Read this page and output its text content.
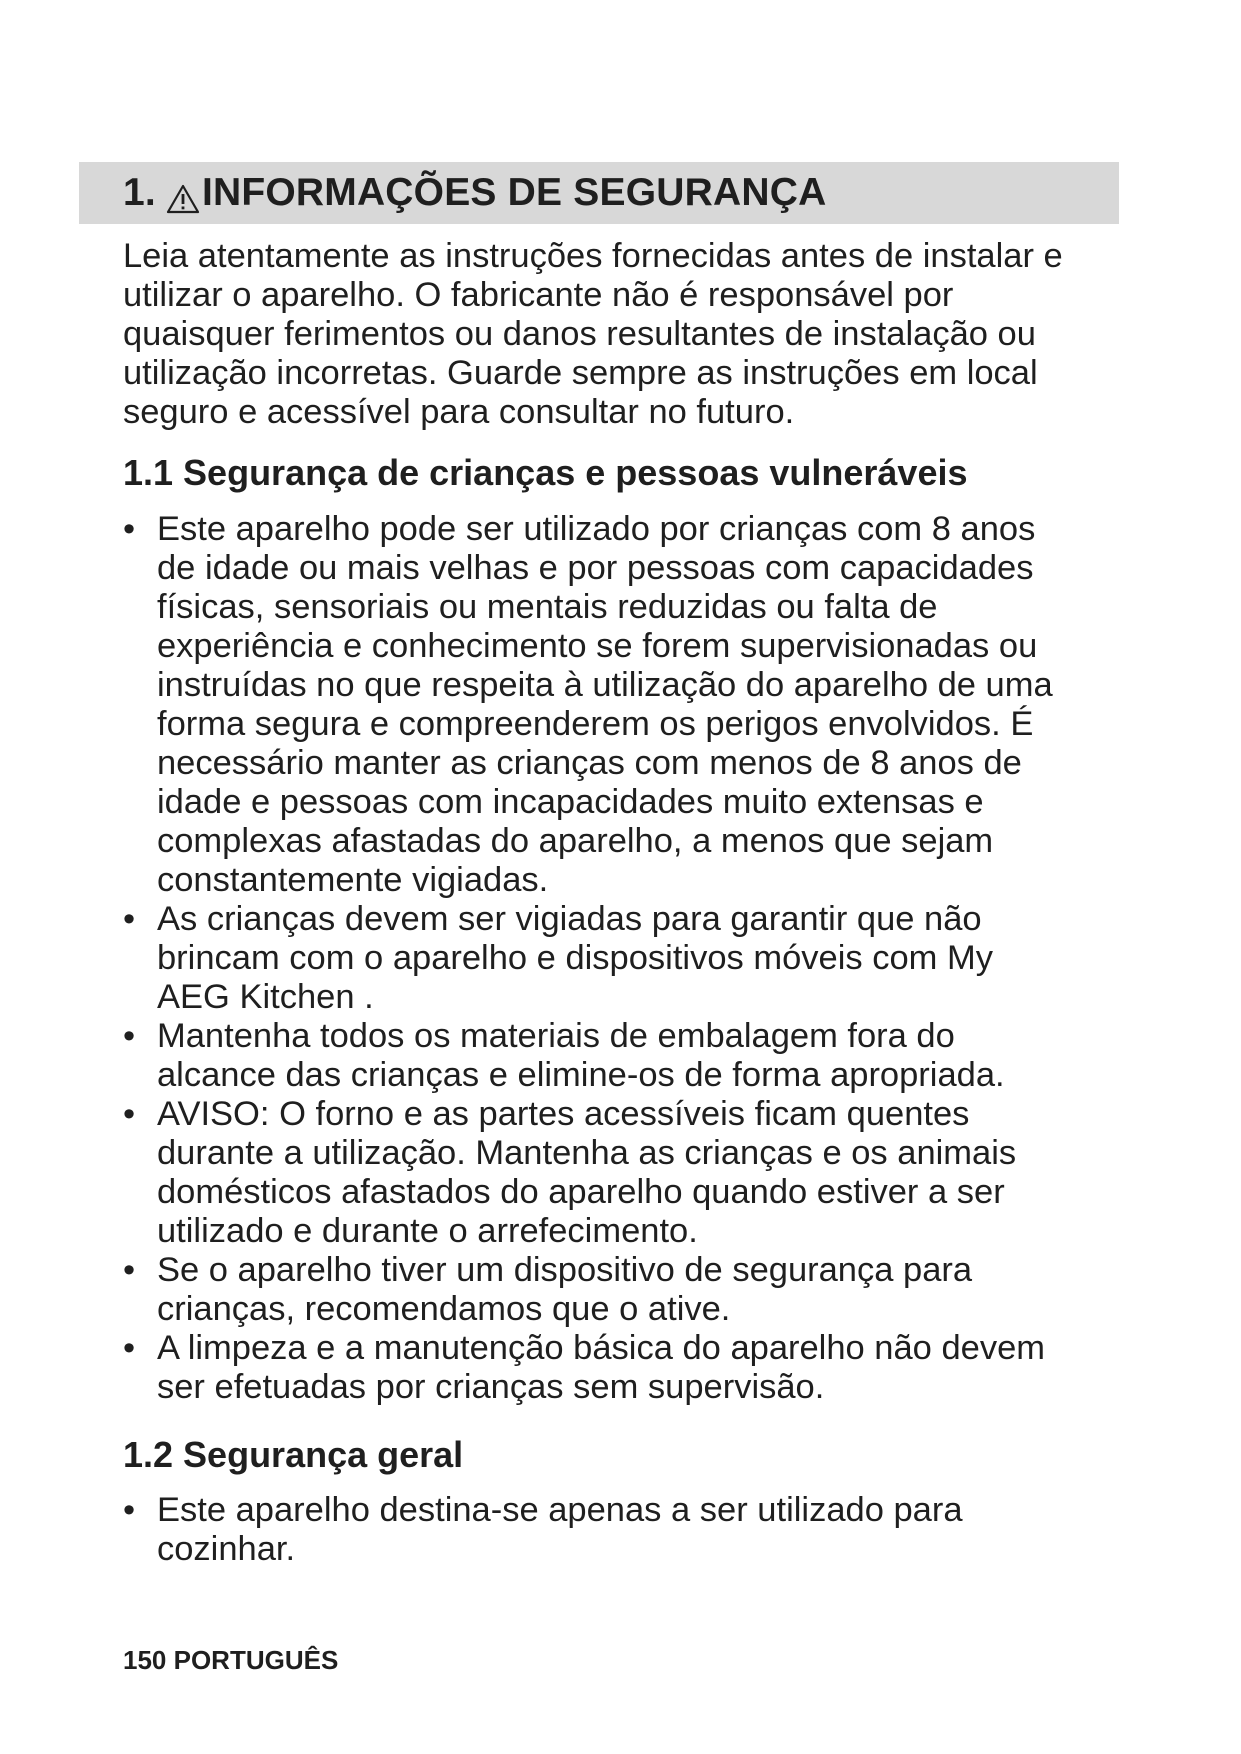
1. INFORMAÇÕES DE SEGURANÇA

Leia atentamente as instruções fornecidas antes de instalar e
utilizar o aparelho. O fabricante não é responsável por
quaisquer ferimentos ou danos resultantes de instalação ou
utilização incorretas. Guarde sempre as instruções em local
seguro e acessível para consultar no futuro.

1.1 Segurança de crianças e pessoas vulneráveis
• Este aparelho pode ser utilizado por crianças com 8 anos
de idade ou mais velhas e por pessoas com capacidades
físicas, sensoriais ou mentais reduzidas ou falta de
experiência e conhecimento se forem supervisionadas ou
instruídas no que respeita à utilização do aparelho de uma
forma segura e compreenderem os perigos envolvidos. É
necessário manter as crianças com menos de 8 anos de
idade e pessoas com incapacidades muito extensas e
complexas afastadas do aparelho, a menos que sejam
constantemente vigiadas.
• As crianças devem ser vigiadas para garantir que não
brincam com o aparelho e dispositivos móveis com My
AEG Kitchen .
• Mantenha todos os materiais de embalagem fora do
alcance das crianças e elimine-os de forma apropriada.
• AVISO: O forno e as partes acessíveis ficam quentes
durante a utilização. Mantenha as crianças e os animais
domésticos afastados do aparelho quando estiver a ser
utilizado e durante o arrefecimento.
• Se o aparelho tiver um dispositivo de segurança para
crianças, recomendamos que o ative.
• A limpeza e a manutenção básica do aparelho não devem
ser efetuadas por crianças sem supervisão.
1.2 Segurança geral
• Este aparelho destina-se apenas a ser utilizado para
cozinhar.

150 PORTUGUÊS
